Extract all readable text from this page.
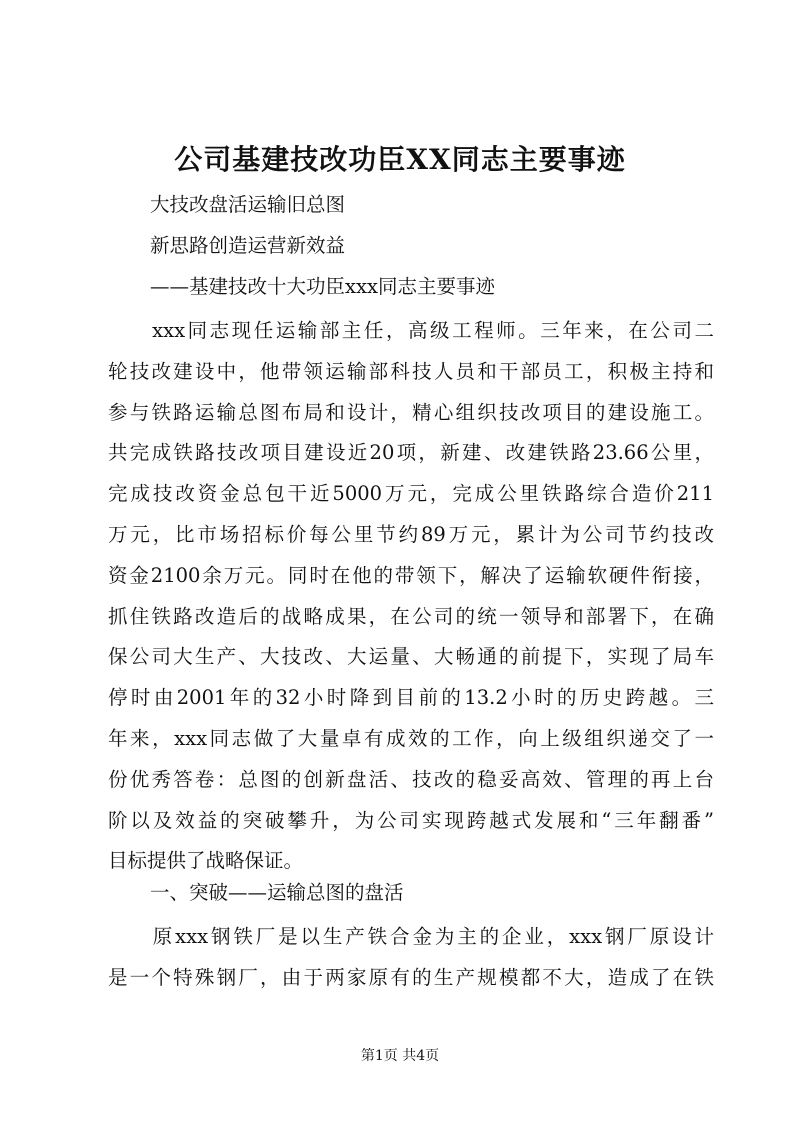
公司基建技改功臣XX同志主要事迹

大技改盘活运输旧总图

新思路创造运营新效益

——基建技改十大功臣xxx同志主要事迹

　　xxx同志现任运输部主任，高级工程师。三年来，在公司二
轮技改建设中，他带领运输部科技人员和干部员工，积极主持和
参与铁路运输总图布局和设计，精心组织技改项目的建设施工。
共完成铁路技改项目建设近20项，新建、改建铁路23.66公里，
完成技改资金总包干近5000万元，完成公里铁路综合造价211
万元，比市场招标价每公里节约89万元，累计为公司节约技改
资金2100余万元。同时在他的带领下，解决了运输软硬件衔接，
抓住铁路改造后的战略成果，在公司的统一领导和部署下，在确
保公司大生产、大技改、大运量、大畅通的前提下，实现了局车
停时由2001年的32小时降到目前的13.2小时的历史跨越。三
年来，xxx同志做了大量卓有成效的工作，向上级组织递交了一
份优秀答卷：总图的创新盘活、技改的稳妥高效、管理的再上台
阶以及效益的突破攀升，为公司实现跨越式发展和“三年翻番”
目标提供了战略保证。

一、突破——运输总图的盘活

　　原xxx钢铁厂是以生产铁合金为主的企业，xxx钢厂原设计
是一个特殊钢厂，由于两家原有的生产规模都不大，造成了在铁

第1页 共4页
